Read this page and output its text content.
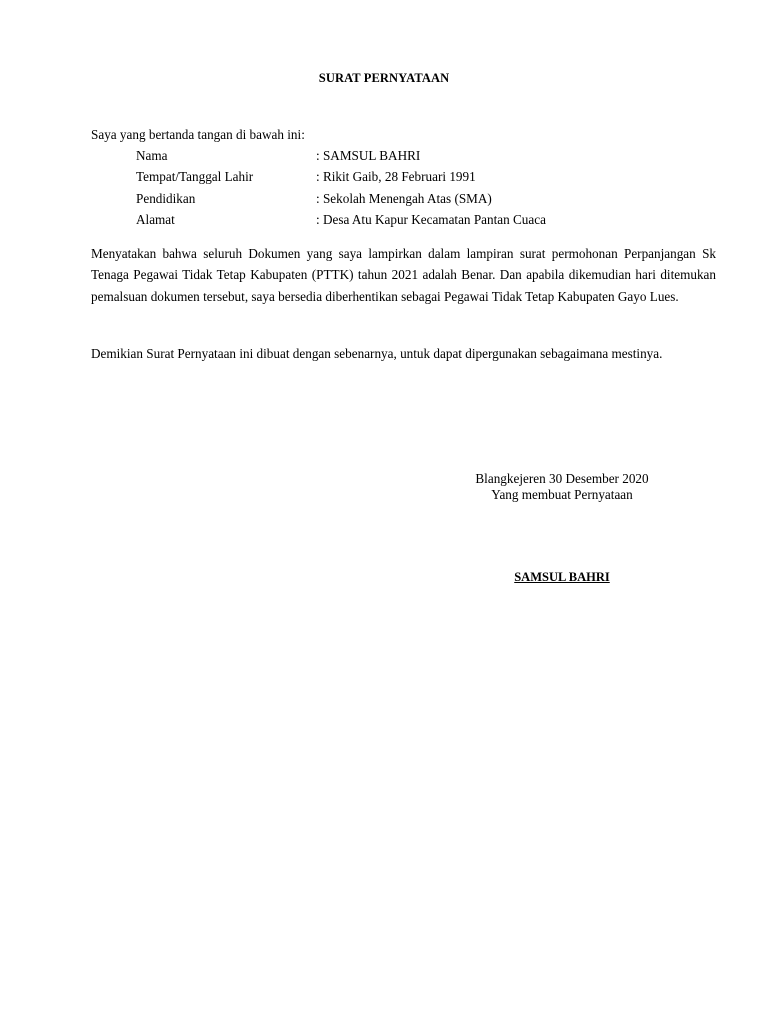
SURAT PERNYATAAN
Saya yang bertanda tangan di bawah ini:
Nama	: SAMSUL BAHRI
Tempat/Tanggal Lahir	: Rikit Gaib, 28 Februari 1991
Pendidikan	: Sekolah Menengah Atas (SMA)
Alamat	: Desa Atu Kapur Kecamatan Pantan Cuaca

Menyatakan bahwa seluruh Dokumen yang saya lampirkan dalam lampiran surat permohonan Perpanjangan Sk Tenaga Pegawai Tidak Tetap Kabupaten (PTTK) tahun 2021 adalah Benar. Dan apabila dikemudian hari ditemukan pemalsuan dokumen tersebut, saya bersedia diberhentikan sebagai Pegawai Tidak Tetap Kabupaten Gayo Lues.

Demikian Surat Pernyataan ini dibuat dengan sebenarnya, untuk dapat dipergunakan sebagaimana mestinya.

Blangkejeren 30 Desember 2020
Yang membuat Pernyataan
SAMSUL BAHRI
